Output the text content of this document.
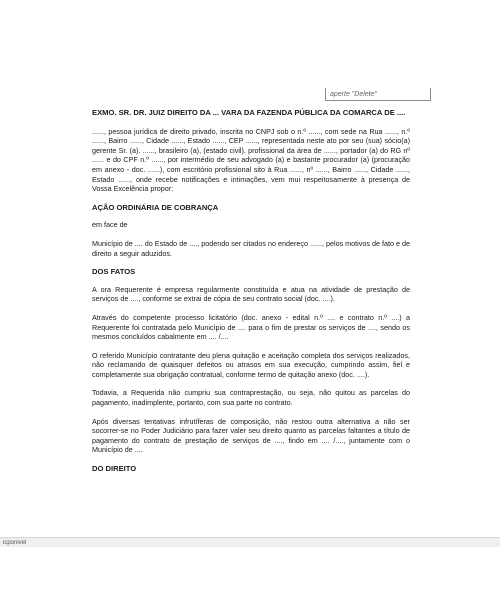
aperte "Delete"
EXMO. SR. DR. JUIZ DIREITO DA ... VARA DA FAZENDA PÚBLICA DA COMARCA DE ....

......, pessoa jurídica de direito privado, inscrita no CNPJ sob o n.º ......, com sede na Rua ......, n.º ......, Bairro ......, Cidade ......, Estado ......, CEP ......, representada neste ato por seu (sua) sócio(a) gerente Sr. (a). ......, brasileiro (a), (estado civil), profissional da área de ......, portador (a) do RG nº ...... e do CPF n.º ......, por intermédio de seu advogado (a) e bastante procurador (a) (procuração em anexo - doc. ......), com escritório profissional sito à Rua ......, nº ......, Bairro ......, Cidade ......, Estado ......, onde recebe notificações e intimações, vem mui respeitosamente à presença de Vossa Excelência propor:

AÇÃO ORDINÁRIA DE COBRANÇA

em face de

Município de .... do Estado de ...., podendo ser citados no endereço ......, pelos motivos de fato e de direito a seguir aduzidos.

DOS FATOS

A ora Requerente é empresa regularmente constituída e atua na atividade de prestação de serviços de ...., conforme se extrai de cópia de seu contrato social (doc. ....).

Através do competente processo licitatório (doc. anexo - edital n.º .... e contrato n.º ....) a Requerente foi contratada pelo Município de .... para o fim de prestar os serviços de ...., sendo os mesmos concluídos cabalmente em .... /....

O referido Município contratante deu plena quitação e aceitação completa dos serviços realizados, não reclamando de quaisquer defeitos ou atrasos em sua execução, cumprindo assim, fiel e completamente sua obrigação contratual, conforme termo de quitação anexo (doc. ....).

Todavia, a Requerida não cumpriu sua contraprestação, ou seja, não quitou as parcelas do pagamento, inadimplente, portanto, com sua parte no contrato.

Após diversas tentativas infrutíferas de composição, não restou outra alternativa a não ser socorrer-se no Poder Judiciário para fazer valer seu direito quanto as parcelas faltantes a título de pagamento do contrato de prestação de serviços de ...., findo em .... /...., juntamente com o Município de ....

DO DIREITO
icponivel
